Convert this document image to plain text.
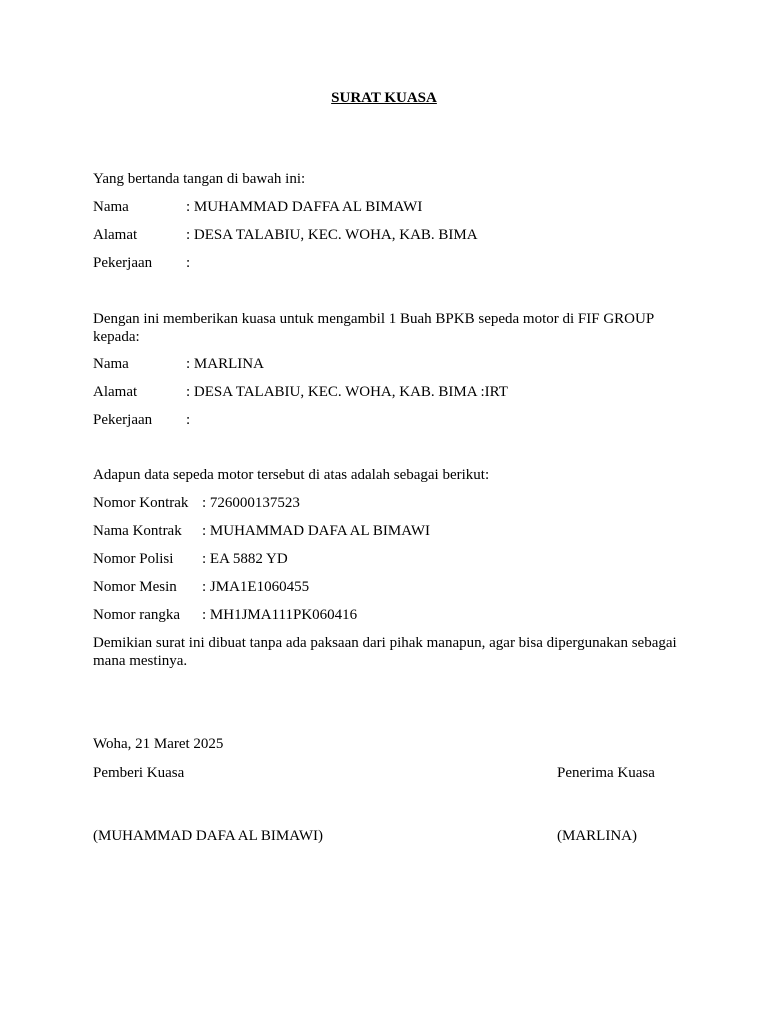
SURAT KUASA
Yang bertanda tangan di bawah ini:
Nama	: MUHAMMAD DAFFA AL BIMAWI
Alamat	: DESA TALABIU, KEC. WOHA, KAB. BIMA
Pekerjaan :
Dengan ini memberikan kuasa untuk mengambil 1 Buah BPKB sepeda motor di FIF GROUP kepada:
Nama	: MARLINA
Alamat	: DESA TALABIU, KEC. WOHA, KAB. BIMA :IRT
Pekerjaan :
Adapun data sepeda motor tersebut di atas adalah sebagai berikut:
Nomor Kontrak : 726000137523
Nama Kontrak : MUHAMMAD DAFA AL BIMAWI
Nomor Polisi : EA 5882 YD
Nomor Mesin : JMA1E1060455
Nomor rangka : MH1JMA111PK060416
Demikian surat ini dibuat tanpa ada paksaan dari pihak manapun, agar bisa dipergunakan sebagai mana mestinya.
Woha, 21 Maret 2025
Pemberi Kuasa	Penerima Kuasa
(MUHAMMAD DAFA AL BIMAWI)	(MARLINA)
